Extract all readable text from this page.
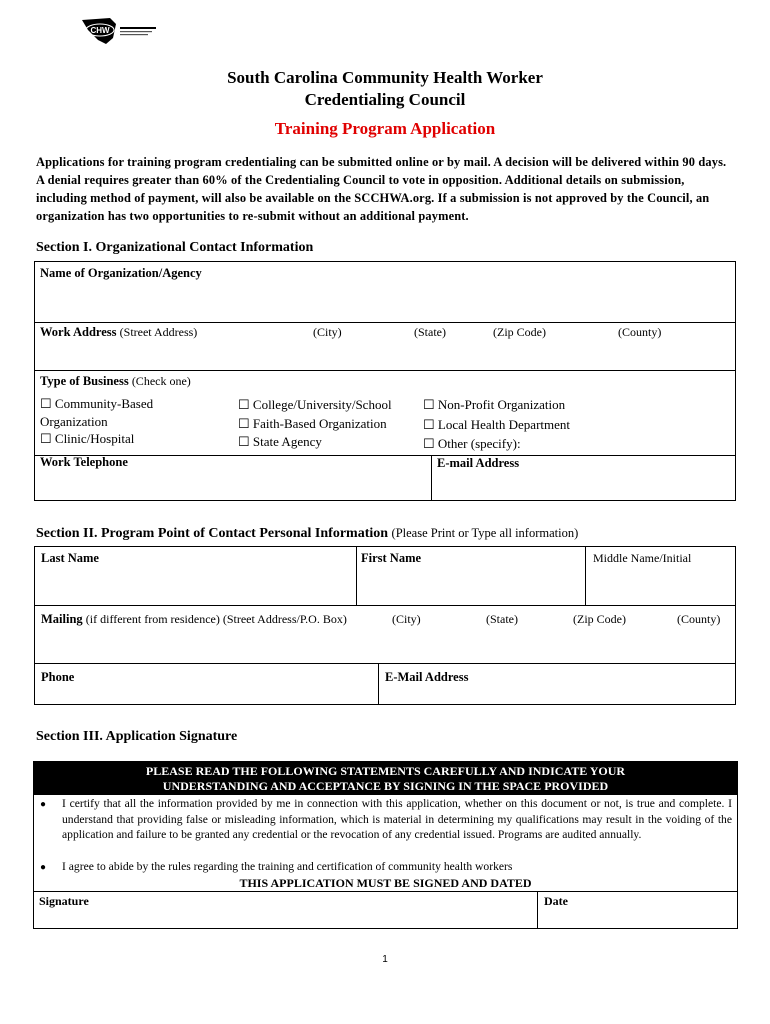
CHW
South Carolina Community Health Worker
Credentialing Council
Training Program Application
Applications for training program credentialing can be submitted online or by mail. A decision will be delivered within 90 days. A denial requires greater than 60% of the Credentialing Council to vote in opposition. Additional details on submission, including method of payment, will also be available on the SCCHWA.org. If a submission is not approved by the Council, an organization has two opportunities to re-submit without an additional payment.
Section I. Organizational Contact Information
Name of Organization/Agency
Work Address (Street Address)	(City)	(State)	(Zip Code)	(County)
Type of Business (Check one)
☐ Community-Based
Organization
☐ Clinic/Hospital
☐ College/University/School
☐ Faith-Based Organization
☐ State Agency
☐ Non-Profit Organization
☐ Local Health Department
☐ Other (specify):
Work Telephone	E-mail Address
Section II. Program Point of Contact Personal Information (Please Print or Type all information)
Last Name	First Name	Middle Name/Initial
Mailing (if different from residence) (Street Address/P.O. Box)	(City)	(State)	(Zip Code)	(County)
Phone	E-Mail Address
Section III. Application Signature
PLEASE READ THE FOLLOWING STATEMENTS CAREFULLY AND INDICATE YOUR
UNDERSTANDING AND ACCEPTANCE BY SIGNING IN THE SPACE PROVIDED
● I certify that all the information provided by me in connection with this application, whether on this document or not, is true and complete. I understand that providing false or misleading information, which is material in determining my qualifications may result in the voiding of the application and failure to be granted any credential or the revocation of any credential issued. Programs are audited annually.
● I agree to abide by the rules regarding the training and certification of community health workers
THIS APPLICATION MUST BE SIGNED AND DATED
Signature	Date
1
